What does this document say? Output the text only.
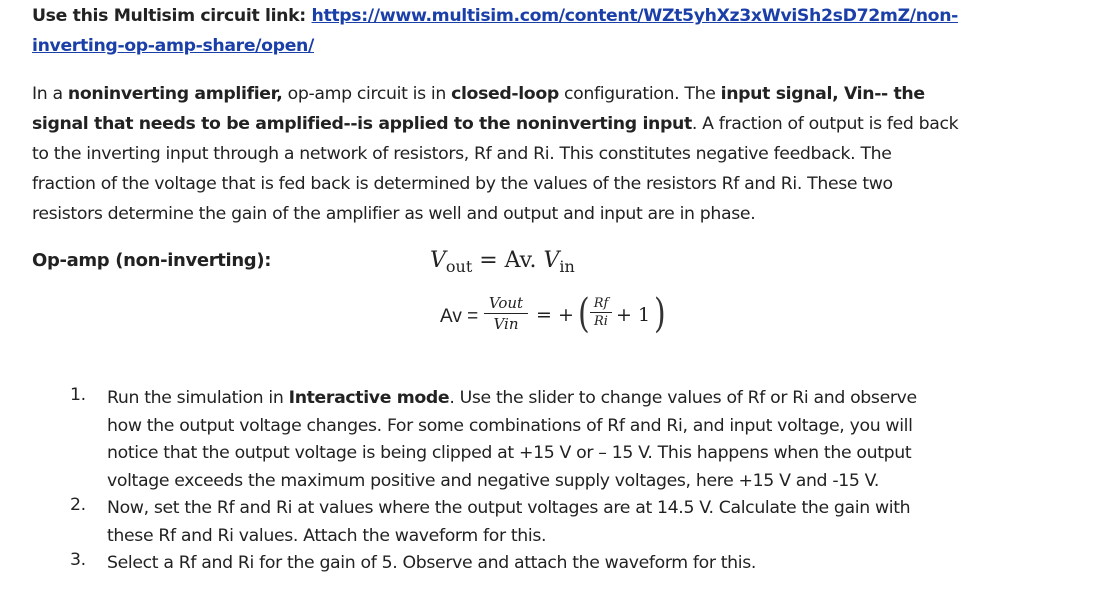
Use this Multisim circuit link: https://www.multisim.com/content/WZt5yhXz3xWviSh2sD72mZ/non-
inverting-op-amp-share/open/
In a noninverting amplifier, op-amp circuit is in closed-loop configuration. The input signal, Vin-- the
signal that needs to be amplified--is applied to the noninverting input. A fraction of output is fed back
to the inverting input through a network of resistors, Rf and Ri. This constitutes negative feedback. The
fraction of the voltage that is fed back is determined by the values of the resistors Rf and Ri. These two
resistors determine the gain of the amplifier as well and output and input are in phase.
Op-amp (non-inverting):	$V_{out} = Av$. $V_{in}$
Av =
Vout
Vin = + ( Rf
Ri + 1 )
1. Run the simulation in Interactive mode. Use the slider to change values of Rf or Ri and observe
how the output voltage changes. For some combinations of Rf and Ri, and input voltage, you will
notice that the output voltage is being clipped at +15 V or – 15 V. This happens when the output
voltage exceeds the maximum positive and negative supply voltages, here +15 V and -15 V.
2. Now, set the Rf and Ri at values where the output voltages are at 14.5 V. Calculate the gain with
these Rf and Ri values. Attach the waveform for this.
3. Select a Rf and Ri for the gain of 5. Observe and attach the waveform for this.
